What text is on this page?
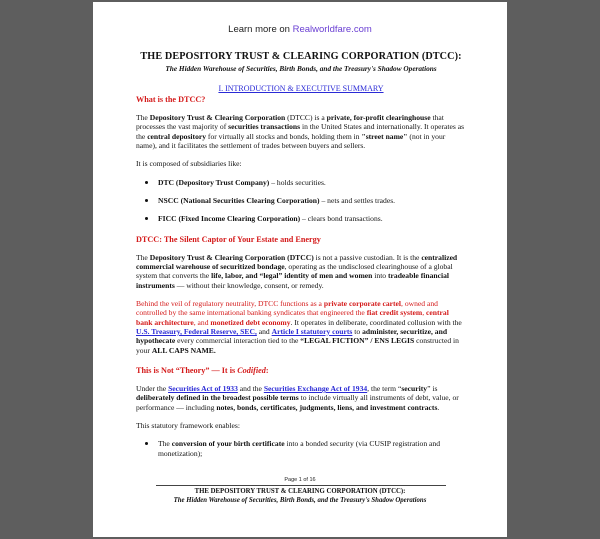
Learn more on Realworldfare.com

THE DEPOSITORY TRUST & CLEARING CORPORATION (DTCC):

The Hidden Warehouse of Securities, Birth Bonds, and the Treasury's Shadow Operations

I. INTRODUCTION & EXECUTIVE SUMMARY

What is the DTCC?

The Depository Trust & Clearing Corporation (DTCC) is a private, for-profit clearinghouse that processes the vast majority of securities transactions in the United States and internationally. It operates as the central depository for virtually all stocks and bonds, holding them in "street name" (not in your name), and it facilitates the settlement of trades between buyers and sellers.

It is composed of subsidiaries like:

DTC (Depository Trust Company) – holds securities.
NSCC (National Securities Clearing Corporation) – nets and settles trades.
FICC (Fixed Income Clearing Corporation) – clears bond transactions.

DTCC: The Silent Captor of Your Estate and Energy

The Depository Trust & Clearing Corporation (DTCC) is not a passive custodian. It is the centralized commercial warehouse of securitized bondage, operating as the undisclosed clearinghouse of a global system that converts the life, labor, and “legal” identity of men and women into tradeable financial instruments — without their knowledge, consent, or remedy.

Behind the veil of regulatory neutrality, DTCC functions as a private corporate cartel, owned and controlled by the same international banking syndicates that engineered the fiat credit system, central bank architecture, and monetized debt economy. It operates in deliberate, coordinated collusion with the U.S. Treasury, Federal Reserve, SEC, and Article I statutory courts to administer, securitize, and hypothecate every commercial interaction tied to the “LEGAL FICTION” / ENS LEGIS constructed in your ALL CAPS NAME.

This is Not “Theory” — It is Codified:

Under the Securities Act of 1933 and the Securities Exchange Act of 1934, the term “security” is deliberately defined in the broadest possible terms to include virtually all instruments of debt, value, or performance — including notes, bonds, certificates, judgments, liens, and investment contracts.

This statutory framework enables:

The conversion of your birth certificate into a bonded security (via CUSIP registration and monetization);
Page 1 of 16
THE DEPOSITORY TRUST & CLEARING CORPORATION (DTCC):
The Hidden Warehouse of Securities, Birth Bonds, and the Treasury's Shadow Operations
